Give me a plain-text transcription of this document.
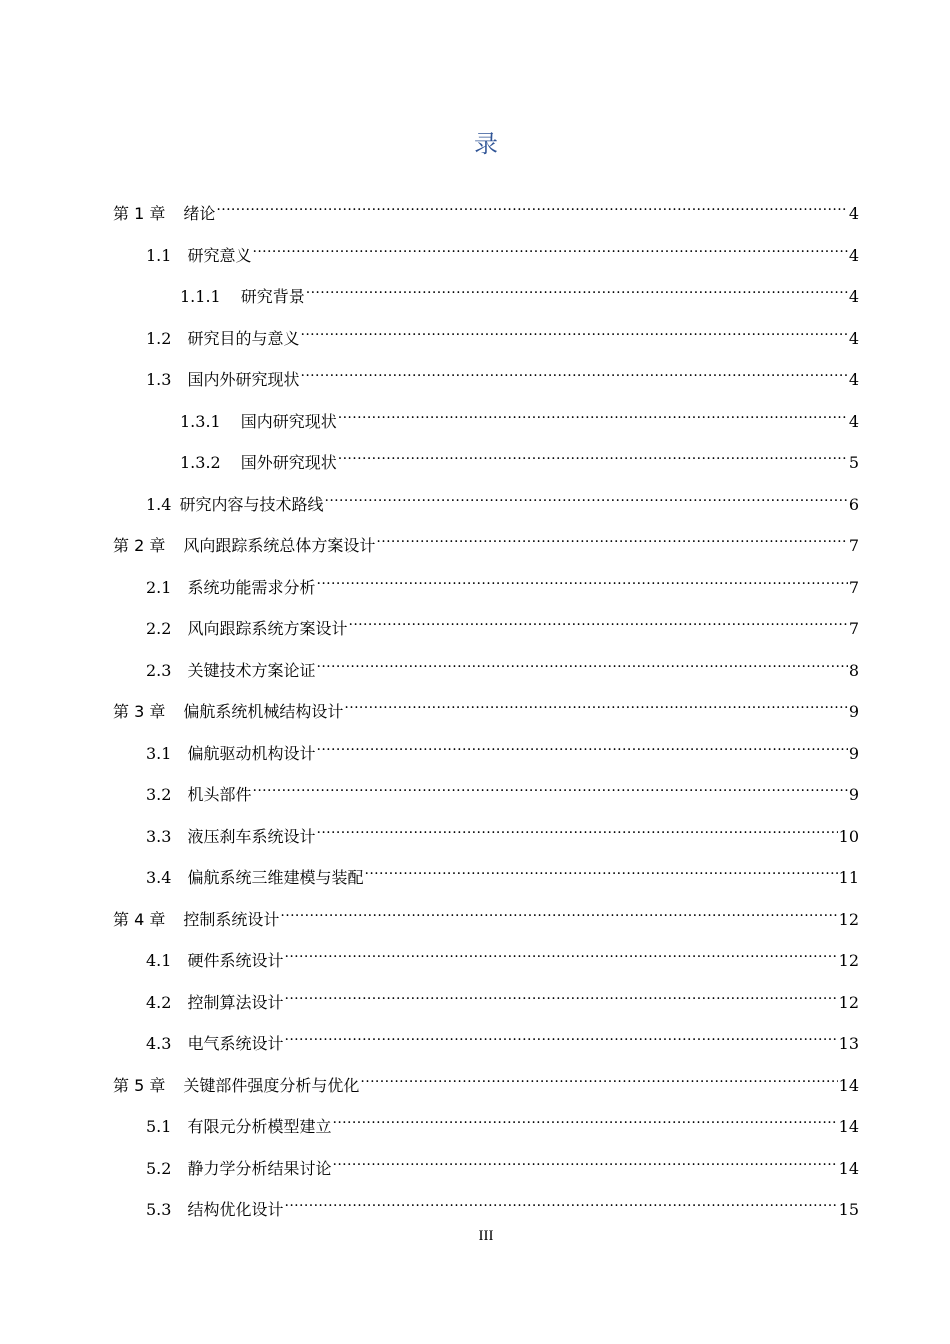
录
第 1 章 绪论 .....	4
1.1 研究意义 .....	4
1.1.1 研究背景 .....	4
1.2 研究目的与意义 .....	4
1.3 国内外研究现状 .....	4
1.3.1 国内研究现状 .....	4
1.3.2 国外研究现状 .....	5
1.4 研究内容与技术路线 .....	6
第 2 章 风向跟踪系统总体方案设计 .....	7
2.1 系统功能需求分析 .....	7
2.2 风向跟踪系统方案设计 .....	7
2.3 关键技术方案论证 .....	8
第 3 章 偏航系统机械结构设计 .....	9
3.1 偏航驱动机构设计 .....	9
3.2 机头部件 .....	9
3.3 液压刹车系统设计 .....	10
3.4 偏航系统三维建模与装配 .....	11
第 4 章 控制系统设计 .....	12
4.1 硬件系统设计 .....	12
4.2 控制算法设计 .....	12
4.3 电气系统设计 .....	13
第 5 章 关键部件强度分析与优化 .....	14
5.1 有限元分析模型建立 .....	14
5.2 静力学分析结果讨论 .....	14
5.3 结构优化设计 .....	15
III
